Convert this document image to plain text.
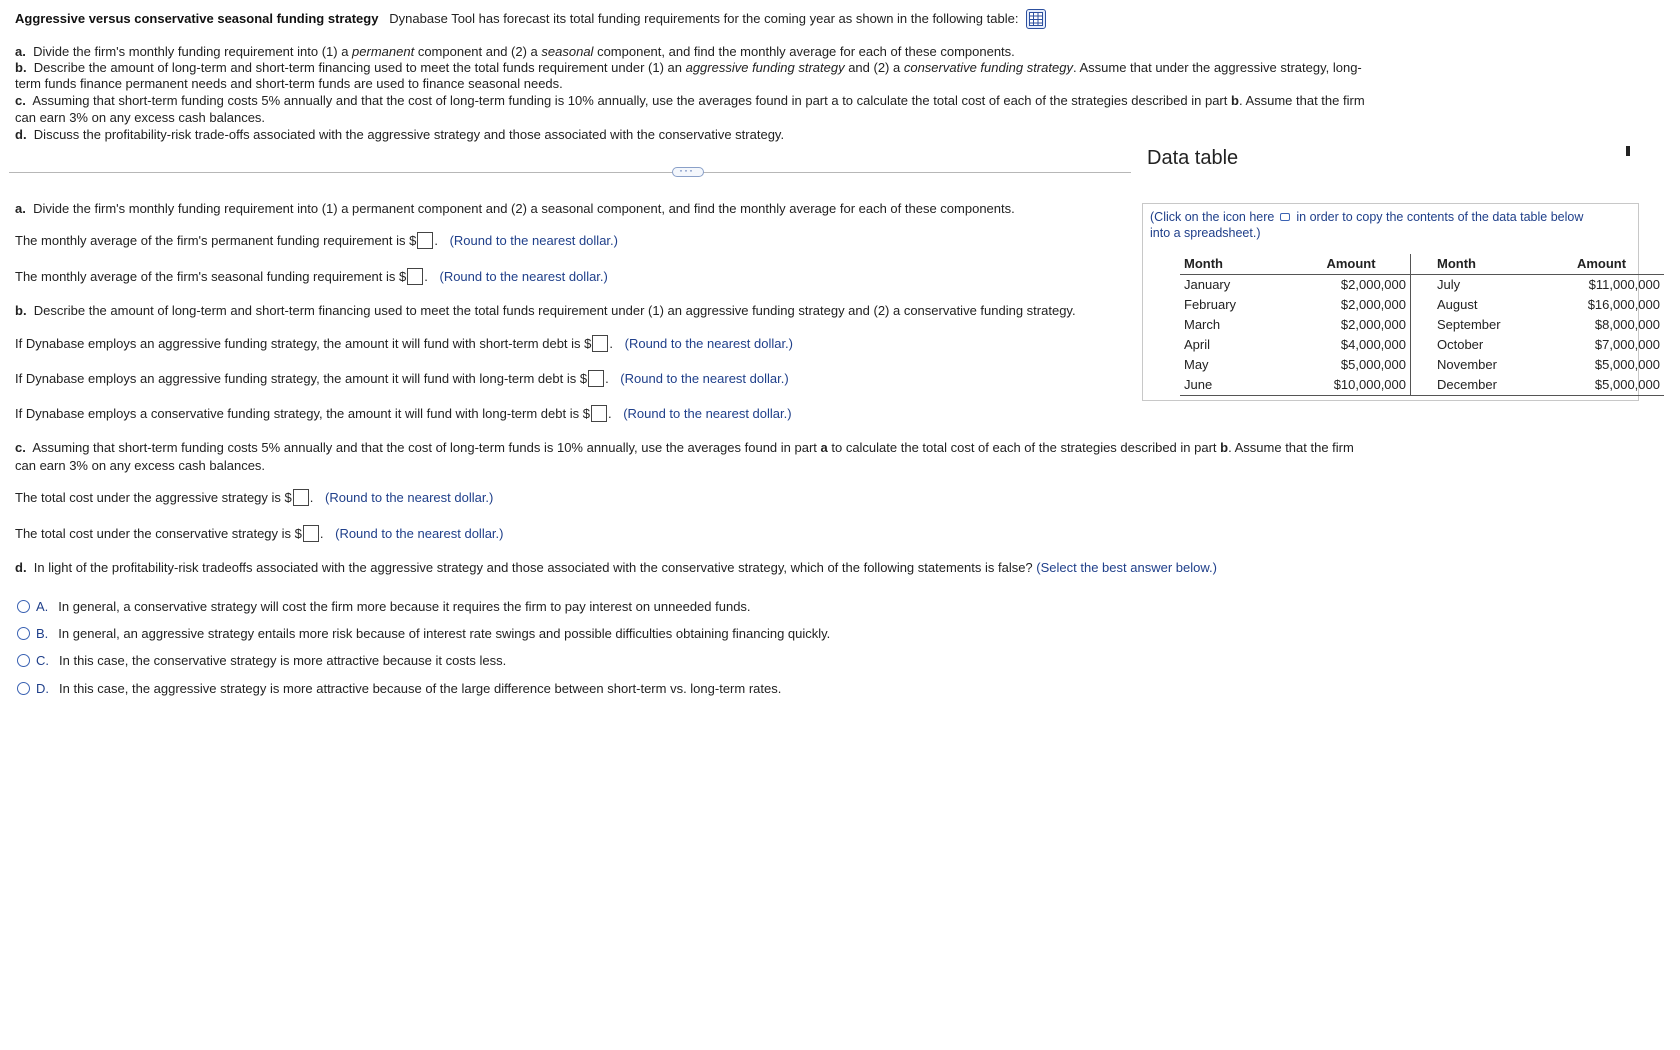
Aggressive versus conservative seasonal funding strategy Dynabase Tool has forecast its total funding requirements for the coming year as shown in the following table:
a. Divide the firm's monthly funding requirement into (1) a permanent component and (2) a seasonal component, and find the monthly average for each of these components.
b. Describe the amount of long-term and short-term financing used to meet the total funds requirement under (1) an aggressive funding strategy and (2) a conservative funding strategy. Assume that under the aggressive strategy, long-
term funds finance permanent needs and short-term funds are used to finance seasonal needs.
c. Assuming that short-term funding costs 5% annually and that the cost of long-term funding is 10% annually, use the averages found in part a to calculate the total cost of each of the strategies described in part b. Assume that the firm
can earn 3% on any excess cash balances.
d. Discuss the profitability-risk trade-offs associated with the aggressive strategy and those associated with the conservative strategy.
···
a. Divide the firm's monthly funding requirement into (1) a permanent component and (2) a seasonal component, and find the monthly average for each of these components.
The monthly average of the firm's permanent funding requirement is $ . (Round to the nearest dollar.)
The monthly average of the firm's seasonal funding requirement is $ . (Round to the nearest dollar.)
b. Describe the amount of long-term and short-term financing used to meet the total funds requirement under (1) an aggressive funding strategy and (2) a conservative funding strategy.
If Dynabase employs an aggressive funding strategy, the amount it will fund with short-term debt is $ . (Round to the nearest dollar.)
If Dynabase employs an aggressive funding strategy, the amount it will fund with long-term debt is $ . (Round to the nearest dollar.)
If Dynabase employs a conservative funding strategy, the amount it will fund with long-term debt is $ . (Round to the nearest dollar.)
c. Assuming that short-term funding costs 5% annually and that the cost of long-term funds is 10% annually, use the averages found in part a to calculate the total cost of each of the strategies described in part b. Assume that the firm
can earn 3% on any excess cash balances.
The total cost under the aggressive strategy is $ . (Round to the nearest dollar.)
The total cost under the conservative strategy is $ . (Round to the nearest dollar.)
d. In light of the profitability-risk tradeoffs associated with the aggressive strategy and those associated with the conservative strategy, which of the following statements is false? (Select the best answer below.)
A. In general, a conservative strategy will cost the firm more because it requires the firm to pay interest on unneeded funds.
B. In general, an aggressive strategy entails more risk because of interest rate swings and possible difficulties obtaining financing quickly.
C. In this case, the conservative strategy is more attractive because it costs less.
D. In this case, the aggressive strategy is more attractive because of the large difference between short-term vs. long-term rates.
Data table
(Click on the icon here in order to copy the contents of the data table below
into a spreadsheet.)
Month	Amount	Month	Amount
January	$2,000,000	July	$11,000,000
February	$2,000,000	August	$16,000,000
March	$2,000,000	September	$8,000,000
April	$4,000,000	October	$7,000,000
May	$5,000,000	November	$5,000,000
June	$10,000,000	December	$5,000,000
